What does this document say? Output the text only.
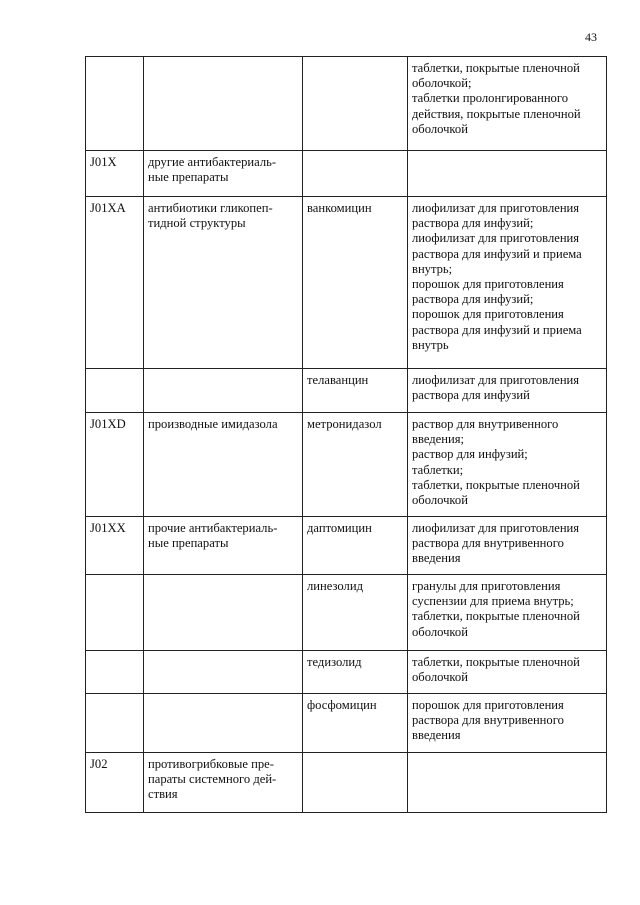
43
			таблетки, покрытые пленочной оболочкой;
таблетки пролонгированного действия, покрытые пленочной оболочкой
J01X	другие антибактериаль-
ные препараты		
J01XA	антибиотики гликопеп-
тидной структуры	ванкомицин	лиофилизат для приготовления раствора для инфузий;
лиофилизат для приготовления раствора для инфузий и приема внутрь;
порошок для приготовления раствора для инфузий;
порошок для приготовления раствора для инфузий и приема внутрь
		телаванцин	лиофилизат для приготовления раствора для инфузий
J01XD	производные имидазола	метронидазол	раствор для внутривенного введения;
раствор для инфузий;
таблетки;
таблетки, покрытые пленочной оболочкой
J01XX	прочие антибактериаль-
ные препараты	даптомицин	лиофилизат для приготовления раствора для внутривенного введения
		линезолид	гранулы для приготовления суспензии для приема внутрь;
таблетки, покрытые пленочной оболочкой
		тедизолид	таблетки, покрытые пленочной оболочкой
		фосфомицин	порошок для приготовления раствора для внутривенного введения
J02	противогрибковые пре-
параты системного дей-
ствия		
